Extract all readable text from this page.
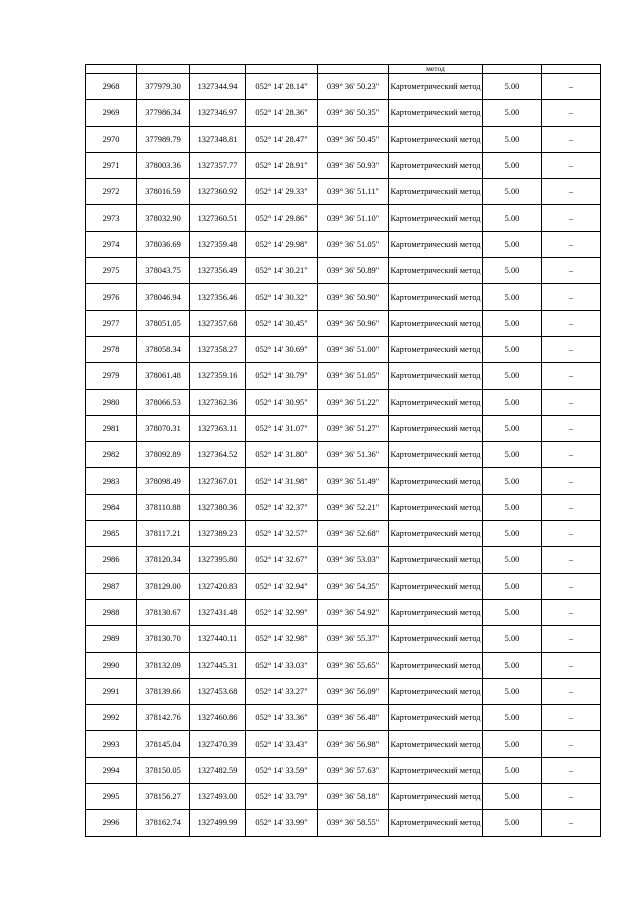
					метод		
2968	377979.30	1327344.94	052° 14' 28.14"	039° 36' 50.23"	Картометрический метод	5.00	–
2969	377986.34	1327346.97	052° 14' 28.36"	039° 36' 50.35"	Картометрический метод	5.00	–
2970	377989.79	1327348.81	052° 14' 28.47"	039° 36' 50.45"	Картометрический метод	5.00	–
2971	378003.36	1327357.77	052° 14' 28.91"	039° 36' 50.93"	Картометрический метод	5.00	–
2972	378016.59	1327360.92	052° 14' 29.33"	039° 36' 51.11"	Картометрический метод	5.00	–
2973	378032.90	1327360.51	052° 14' 29.86"	039° 36' 51.10"	Картометрический метод	5.00	–
2974	378036.69	1327359.48	052° 14' 29.98"	039° 36' 51.05"	Картометрический метод	5.00	–
2975	378043.75	1327356.49	052° 14' 30.21"	039° 36' 50.89"	Картометрический метод	5.00	–
2976	378046.94	1327356.46	052° 14' 30.32"	039° 36' 50.90"	Картометрический метод	5.00	–
2977	378051.05	1327357.68	052° 14' 30.45"	039° 36' 50.96"	Картометрический метод	5.00	–
2978	378058.34	1327358.27	052° 14' 30.69"	039° 36' 51.00"	Картометрический метод	5.00	–
2979	378061.48	1327359.16	052° 14' 30.79"	039° 36' 51.05"	Картометрический метод	5.00	–
2980	378066.53	1327362.36	052° 14' 30.95"	039° 36' 51.22"	Картометрический метод	5.00	–
2981	378070.31	1327363.11	052° 14' 31.07"	039° 36' 51.27"	Картометрический метод	5.00	–
2982	378092.89	1327364.52	052° 14' 31.80"	039° 36' 51.36"	Картометрический метод	5.00	–
2983	378098.49	1327367.01	052° 14' 31.98"	039° 36' 51.49"	Картометрический метод	5.00	–
2984	378110.88	1327380.36	052° 14' 32.37"	039° 36' 52.21"	Картометрический метод	5.00	–
2985	378117.21	1327389.23	052° 14' 32.57"	039° 36' 52.68"	Картометрический метод	5.00	–
2986	378120.34	1327395.80	052° 14' 32.67"	039° 36' 53.03"	Картометрический метод	5.00	–
2987	378129.00	1327420.83	052° 14' 32.94"	039° 36' 54.35"	Картометрический метод	5.00	–
2988	378130.67	1327431.48	052° 14' 32.99"	039° 36' 54.92"	Картометрический метод	5.00	–
2989	378130.70	1327440.11	052° 14' 32.98"	039° 36' 55.37"	Картометрический метод	5.00	–
2990	378132.09	1327445.31	052° 14' 33.03"	039° 36' 55.65"	Картометрический метод	5.00	–
2991	378139.66	1327453.68	052° 14' 33.27"	039° 36' 56.09"	Картометрический метод	5.00	–
2992	378142.76	1327460.86	052° 14' 33.36"	039° 36' 56.48"	Картометрический метод	5.00	–
2993	378145.04	1327470.39	052° 14' 33.43"	039° 36' 56.98"	Картометрический метод	5.00	–
2994	378150.05	1327482.59	052° 14' 33.59"	039° 36' 57.63"	Картометрический метод	5.00	–
2995	378156.27	1327493.00	052° 14' 33.79"	039° 36' 58.18"	Картометрический метод	5.00	–
2996	378162.74	1327499.99	052° 14' 33.99"	039° 36' 58.55"	Картометрический метод	5.00	–
